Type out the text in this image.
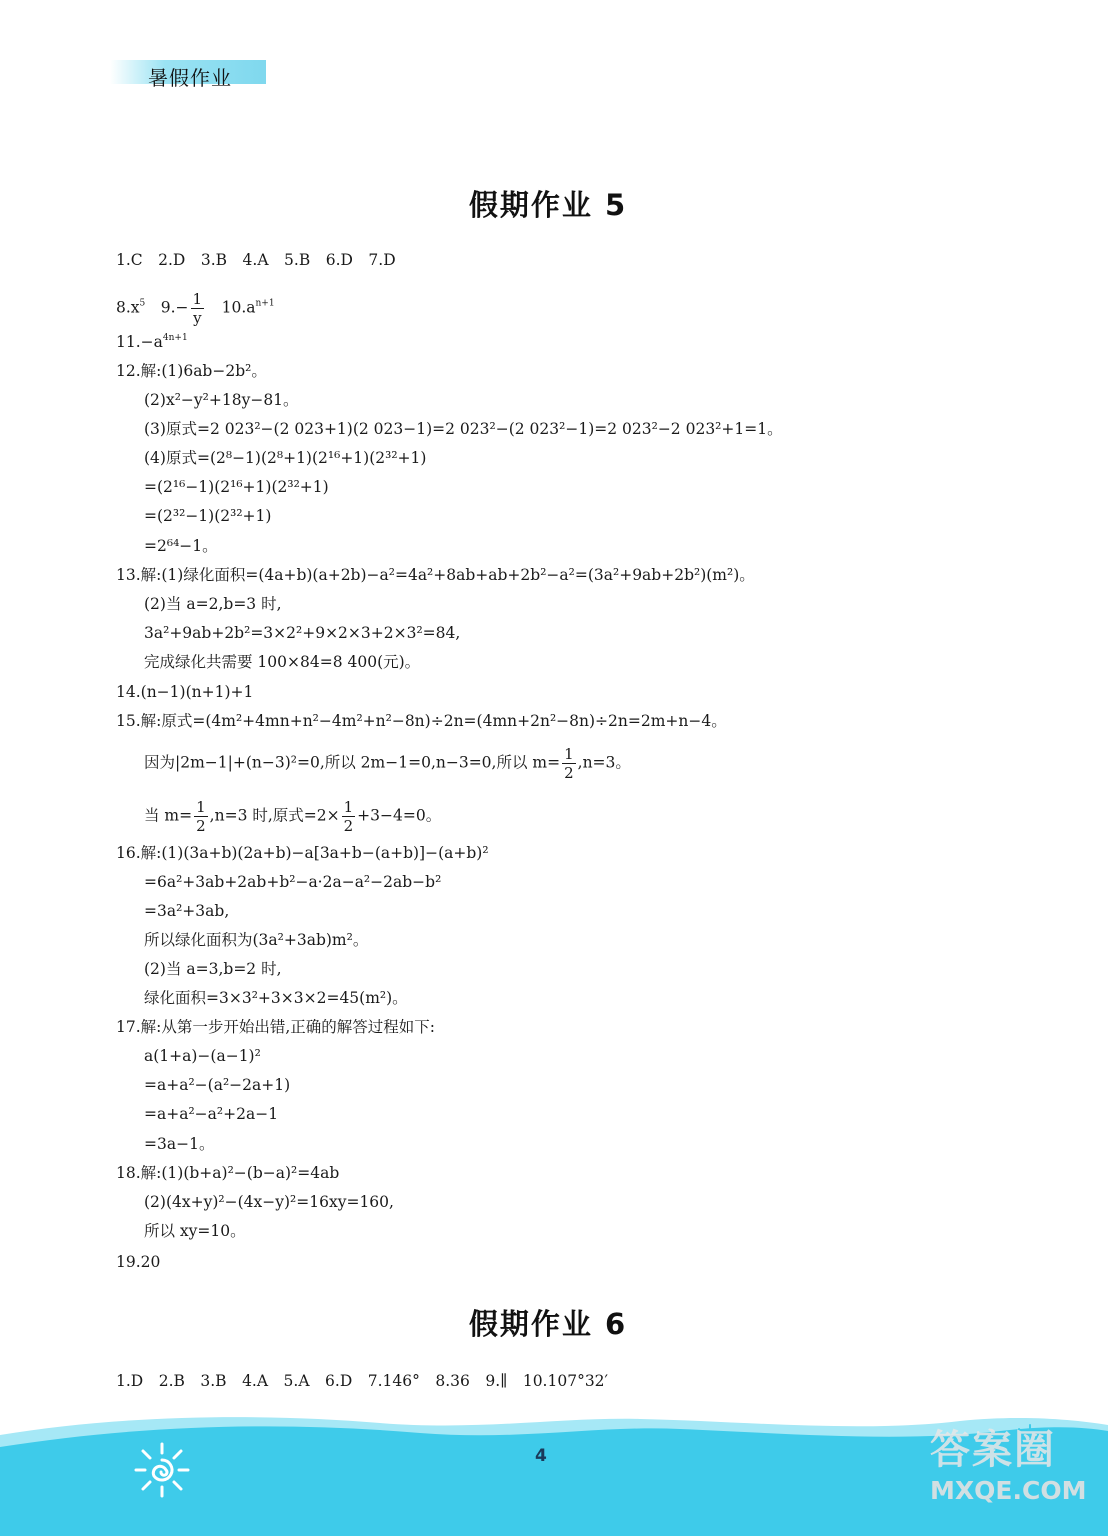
暑假作业
假期作业 5
1.C　2.D　3.B　4.A　5.B　6.D　7.D
$8.x^5$　$9.- \frac{1}{y}$ 　$10.a^{n+1}$
$11.-a^{4n+1}$
12.解:(1)6ab−2b²。
(2)x²−y²+18y−81。
(3)原式=2 023²−(2 023+1)(2 023−1)=2 023²−(2 023²−1)=2 023²−2 023²+1=1。
(4)原式=(2⁸−1)(2⁸+1)(2¹⁶+1)(2³²+1)
=(2¹⁶−1)(2¹⁶+1)(2³²+1)
=(2³²−1)(2³²+1)
=2⁶⁴−1。
13.解:(1)绿化面积=(4a+b)(a+2b)−a²=4a²+8ab+ab+2b²−a²=(3a²+9ab+2b²)(m²)。
(2)当 a=2,b=3 时,
3a²+9ab+2b²=3×2²+9×2×3+2×3²=84,
完成绿化共需要 100×84=8 400(元)。
14.(n−1)(n+1)+1
15.解:原式=(4m²+4mn+n²−4m²+n²−8n)÷2n=(4mn+2n²−8n)÷2n=2m+n−4。
因为|2m−1|+(n−3)²=0,所以 2m−1=0,n−3=0,所以 $m= \frac{1}{2} ,n=3$。
当 $m= \frac{1}{2} ,n=3$ 时,原式$=2\times \frac{1}{2} +3-4=0$。
16.解:(1)(3a+b)(2a+b)−a[3a+b−(a+b)]−(a+b)²
=6a²+3ab+2ab+b²−a·2a−a²−2ab−b²
=3a²+3ab,
所以绿化面积为(3a²+3ab)m²。
(2)当 a=3,b=2 时,
绿化面积=3×3²+3×3×2=45(m²)。
17.解:从第一步开始出错,正确的解答过程如下:
a(1+a)−(a−1)²
=a+a²−(a²−2a+1)
=a+a²−a²+2a−1
=3a−1。
18.解:(1)(b+a)²−(b−a)²=4ab
(2)(4x+y)²−(4x−y)²=16xy=160,
所以 xy=10。
19.20
假期作业 6
1.D　2.B　3.B　4.A　5.A　6.D　7.146°　8.36　9.∥　10.107°32′
4	答案圈
MXQE.COM
